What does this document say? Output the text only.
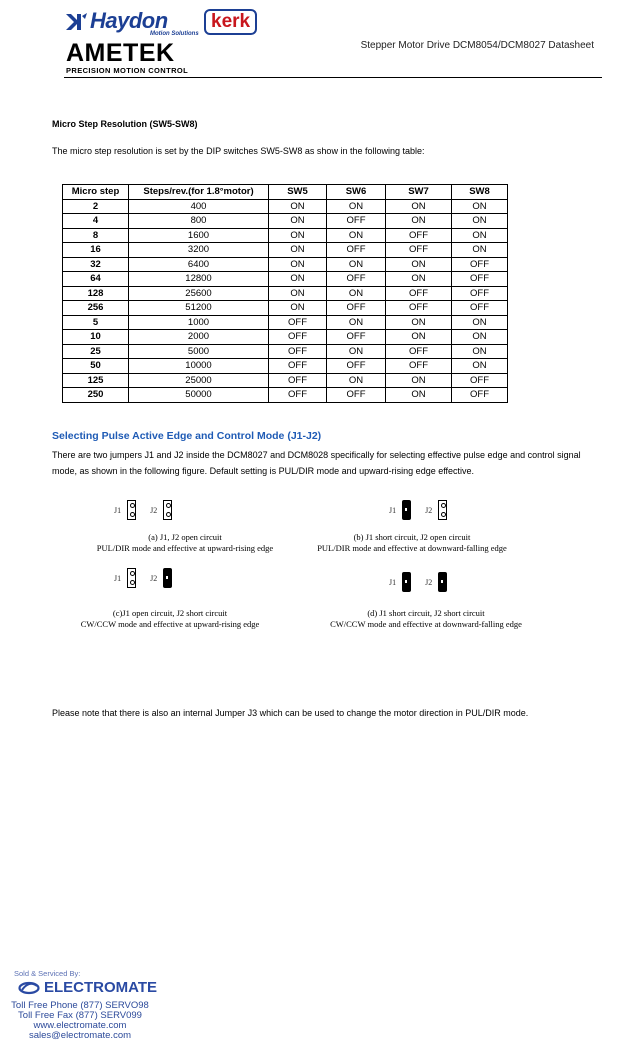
Haydon	kerk
Motion Solutions
AMETEK
PRECISION MOTION CONTROL
Stepper Motor Drive DCM8054/DCM8027 Datasheet
Micro Step Resolution (SW5-SW8)
The micro step resolution is set by the DIP switches SW5-SW8 as show in the following table:
Micro step	Steps/rev.(for 1.8°motor)	SW5	SW6	SW7	SW8
2	400	ON	ON	ON	ON
4	800	ON	OFF	ON	ON
8	1600	ON	ON	OFF	ON
16	3200	ON	OFF	OFF	ON
32	6400	ON	ON	ON	OFF
64	12800	ON	OFF	ON	OFF
128	25600	ON	ON	OFF	OFF
256	51200	ON	OFF	OFF	OFF
5	1000	OFF	ON	ON	ON
10	2000	OFF	OFF	ON	ON
25	5000	OFF	ON	OFF	ON
50	10000	OFF	OFF	OFF	ON
125	25000	OFF	ON	ON	OFF
250	50000	OFF	OFF	ON	OFF
Selecting Pulse Active Edge and Control Mode (J1-J2)
There are two jumpers J1 and J2 inside the DCM8027 and DCM8028 specifically for selecting effective pulse edge and control signal mode, as shown in the following figure. Default setting is PUL/DIR mode and upward-rising edge effective.
J1	J2
(a) J1, J2 open circuit
PUL/DIR mode and effective at upward-rising edge
J1	J2
(b) J1 short circuit, J2 open circuit
PUL/DIR mode and effective at downward-falling edge
J1	J2
(c)J1 open circuit, J2 short circuit
CW/CCW mode and effective at upward-rising edge
J1	J2
(d) J1 short circuit, J2 short circuit
CW/CCW mode and effective at downward-falling edge
Please note that there is also an internal Jumper J3 which can be used to change the motor direction in PUL/DIR mode.
Sold & Serviced By:
ELECTROMATE
Toll Free Phone (877) SERVO98
Toll Free Fax (877) SERV099
www.electromate.com
sales@electromate.com
